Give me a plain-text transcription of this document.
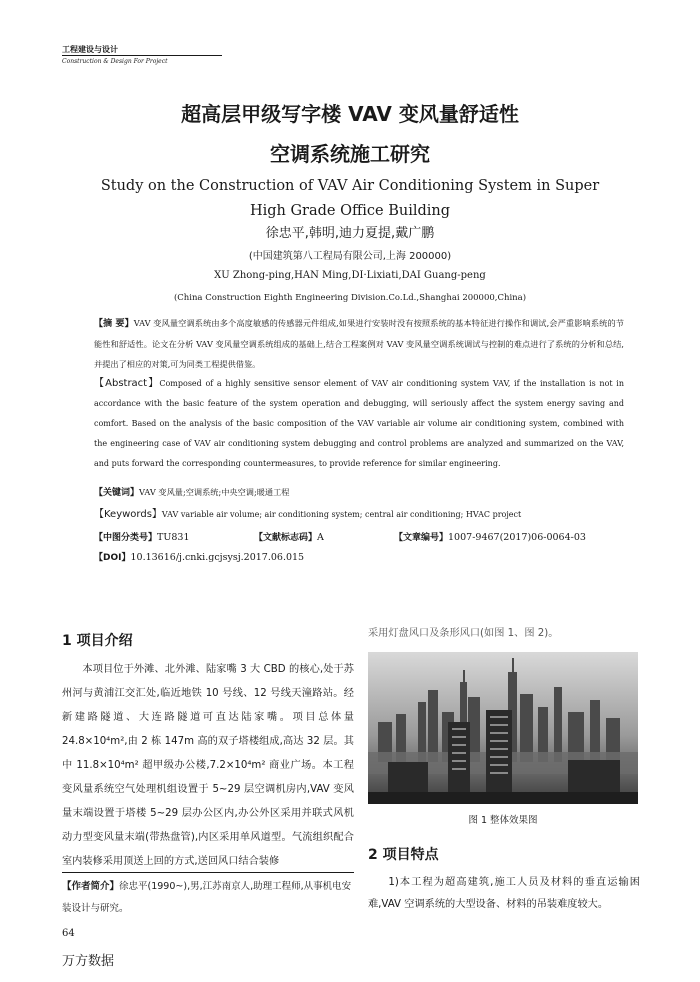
工程建设与设计
Construction & Design For Project
超高层甲级写字楼 VAV 变风量舒适性
空调系统施工研究
Study on the Construction of VAV Air Conditioning System in Super High Grade Office Building
徐忠平,韩明,迪力夏提,戴广鹏
(中国建筑第八工程局有限公司,上海 200000)
XU Zhong-ping,HAN Ming,DI·Lixiati,DAI Guang-peng
(China Construction Eighth Engineering Division.Co.Ld.,Shanghai 200000,China)
【摘 要】VAV 变风量空调系统由多个高度敏感的传感器元件组成,如果进行安装时没有按照系统的基本特征进行操作和调试,会严重影响系统的节能性和舒适性。论文在分析 VAV 变风量空调系统组成的基础上,结合工程案例对 VAV 变风量空调系统调试与控制的难点进行了系统的分析和总结,并提出了相应的对策,可为同类工程提供借鉴。
【Abstract】Composed of a highly sensitive sensor element of VAV air conditioning system VAV, if the installation is not in accordance with the basic feature of the system operation and debugging, will seriously affect the system energy saving and comfort. Based on the analysis of the basic composition of the VAV variable air volume air conditioning system, combined with the engineering case of VAV air conditioning system debugging and control problems are analyzed and summarized on the VAV, and puts forward the corresponding countermeasures, to provide reference for similar engineering.
【关键词】VAV 变风量;空调系统;中央空调;暖通工程
【Keywords】VAV variable air volume; air conditioning system; central air conditioning; HVAC project
【中图分类号】TU831	【文献标志码】A	【文章编号】1007-9467(2017)06-0064-03
【DOI】10.13616/j.cnki.gcjsysj.2017.06.015
1 项目介绍
本项目位于外滩、北外滩、陆家嘴 3 大 CBD 的核心,处于苏州河与黄浦江交汇处,临近地铁 10 号线、12 号线天潼路站。经新建路隧道、大连路隧道可直达陆家嘴。项目总体量 24.8×10⁴m²,由 2 栋 147m 高的双子塔楼组成,高达 32 层。其中 11.8×10⁴m² 超甲级办公楼,7.2×10⁴m² 商业广场。本工程变风量系统空气处理机组设置于 5~29 层空调机房内,VAV 变风量末端设置于塔楼 5~29 层办公区内,办公外区采用并联式风机动力型变风量末端(带热盘管),内区采用单风道型。气流组织配合室内装修采用顶送上回的方式,送回风口结合装修
采用灯盘风口及条形风口(如图 1、图 2)。
图 1 整体效果图
2 项目特点
1)本工程为超高建筑,施工人员及材料的垂直运输困难,VAV 空调系统的大型设备、材料的吊装难度较大。
【作者简介】徐忠平(1990~),男,江苏南京人,助理工程师,从事机电安装设计与研究。
64
万方数据
